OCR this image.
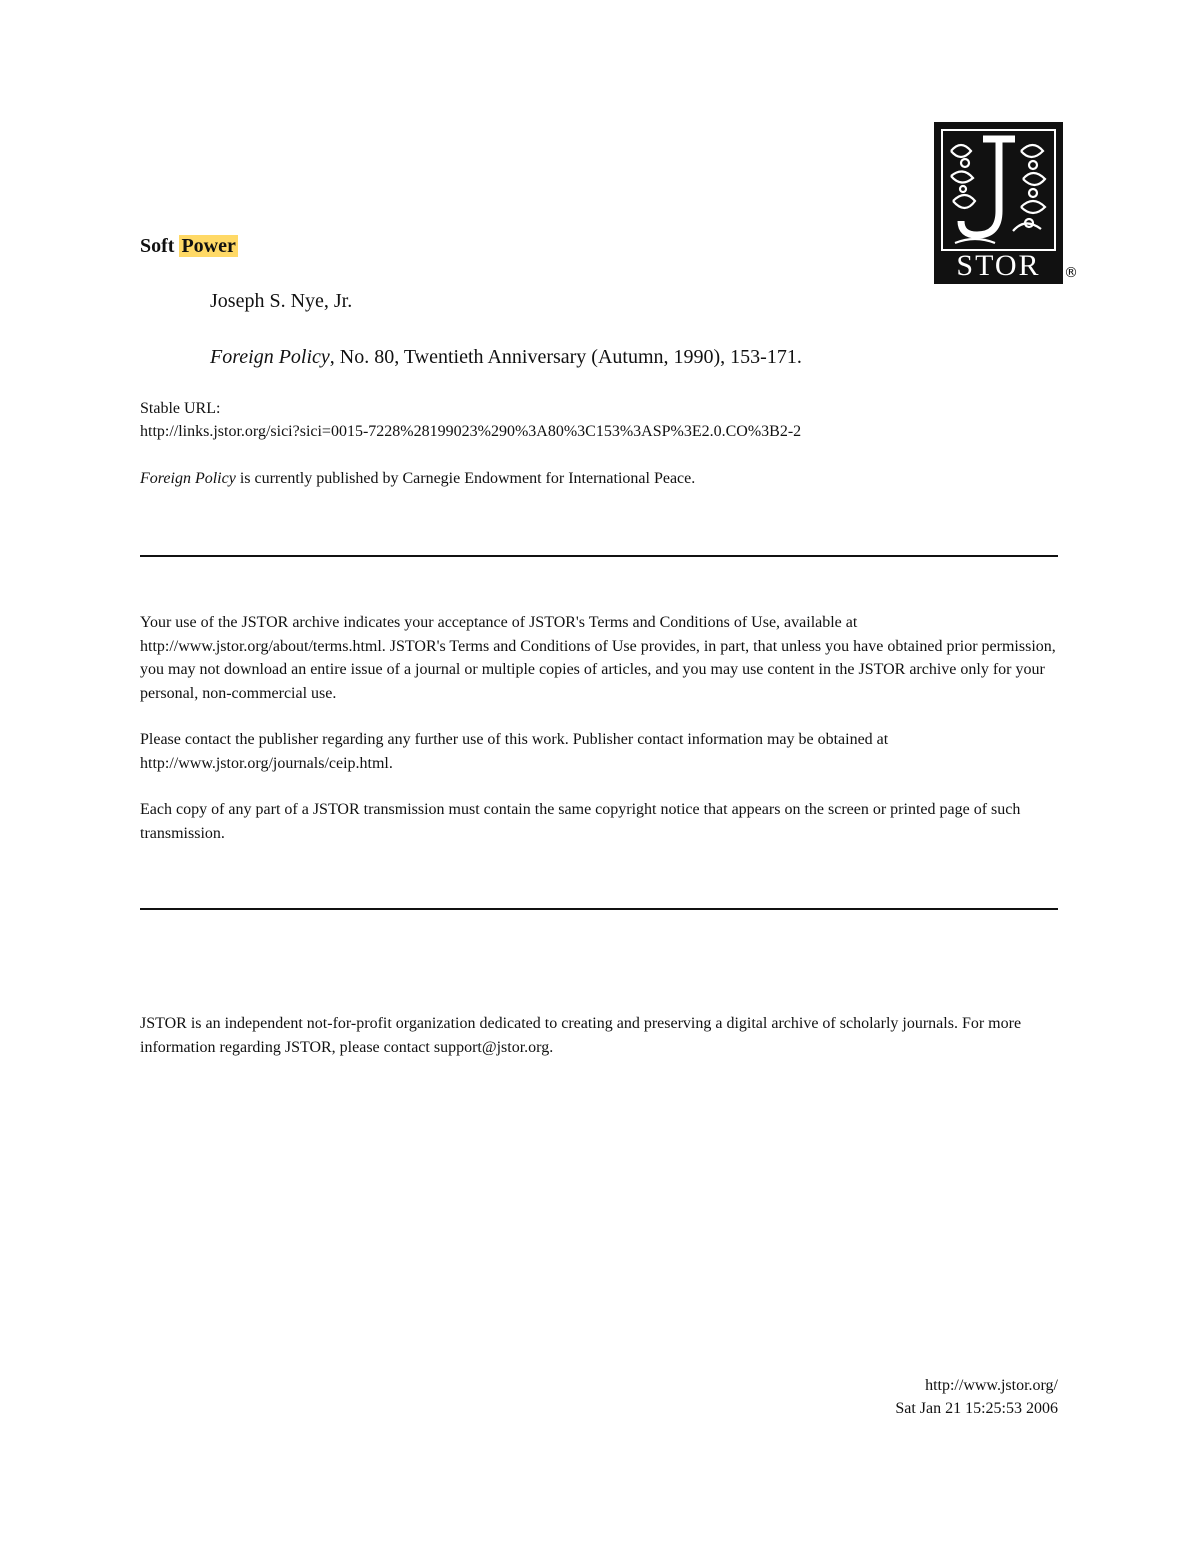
STOR	®
Soft Power
Joseph S. Nye, Jr.
Foreign Policy, No. 80, Twentieth Anniversary (Autumn, 1990), 153-171.
Stable URL:
http://links.jstor.org/sici?sici=0015-7228%28199023%290%3A80%3C153%3ASP%3E2.0.CO%3B2-2
Foreign Policy is currently published by Carnegie Endowment for International Peace.
Your use of the JSTOR archive indicates your acceptance of JSTOR's Terms and Conditions of Use, available at http://www.jstor.org/about/terms.html. JSTOR's Terms and Conditions of Use provides, in part, that unless you have obtained prior permission, you may not download an entire issue of a journal or multiple copies of articles, and you may use content in the JSTOR archive only for your personal, non-commercial use.
Please contact the publisher regarding any further use of this work. Publisher contact information may be obtained at http://www.jstor.org/journals/ceip.html.
Each copy of any part of a JSTOR transmission must contain the same copyright notice that appears on the screen or printed page of such transmission.
JSTOR is an independent not-for-profit organization dedicated to creating and preserving a digital archive of scholarly journals. For more information regarding JSTOR, please contact support@jstor.org.
http://www.jstor.org/
Sat Jan 21 15:25:53 2006
